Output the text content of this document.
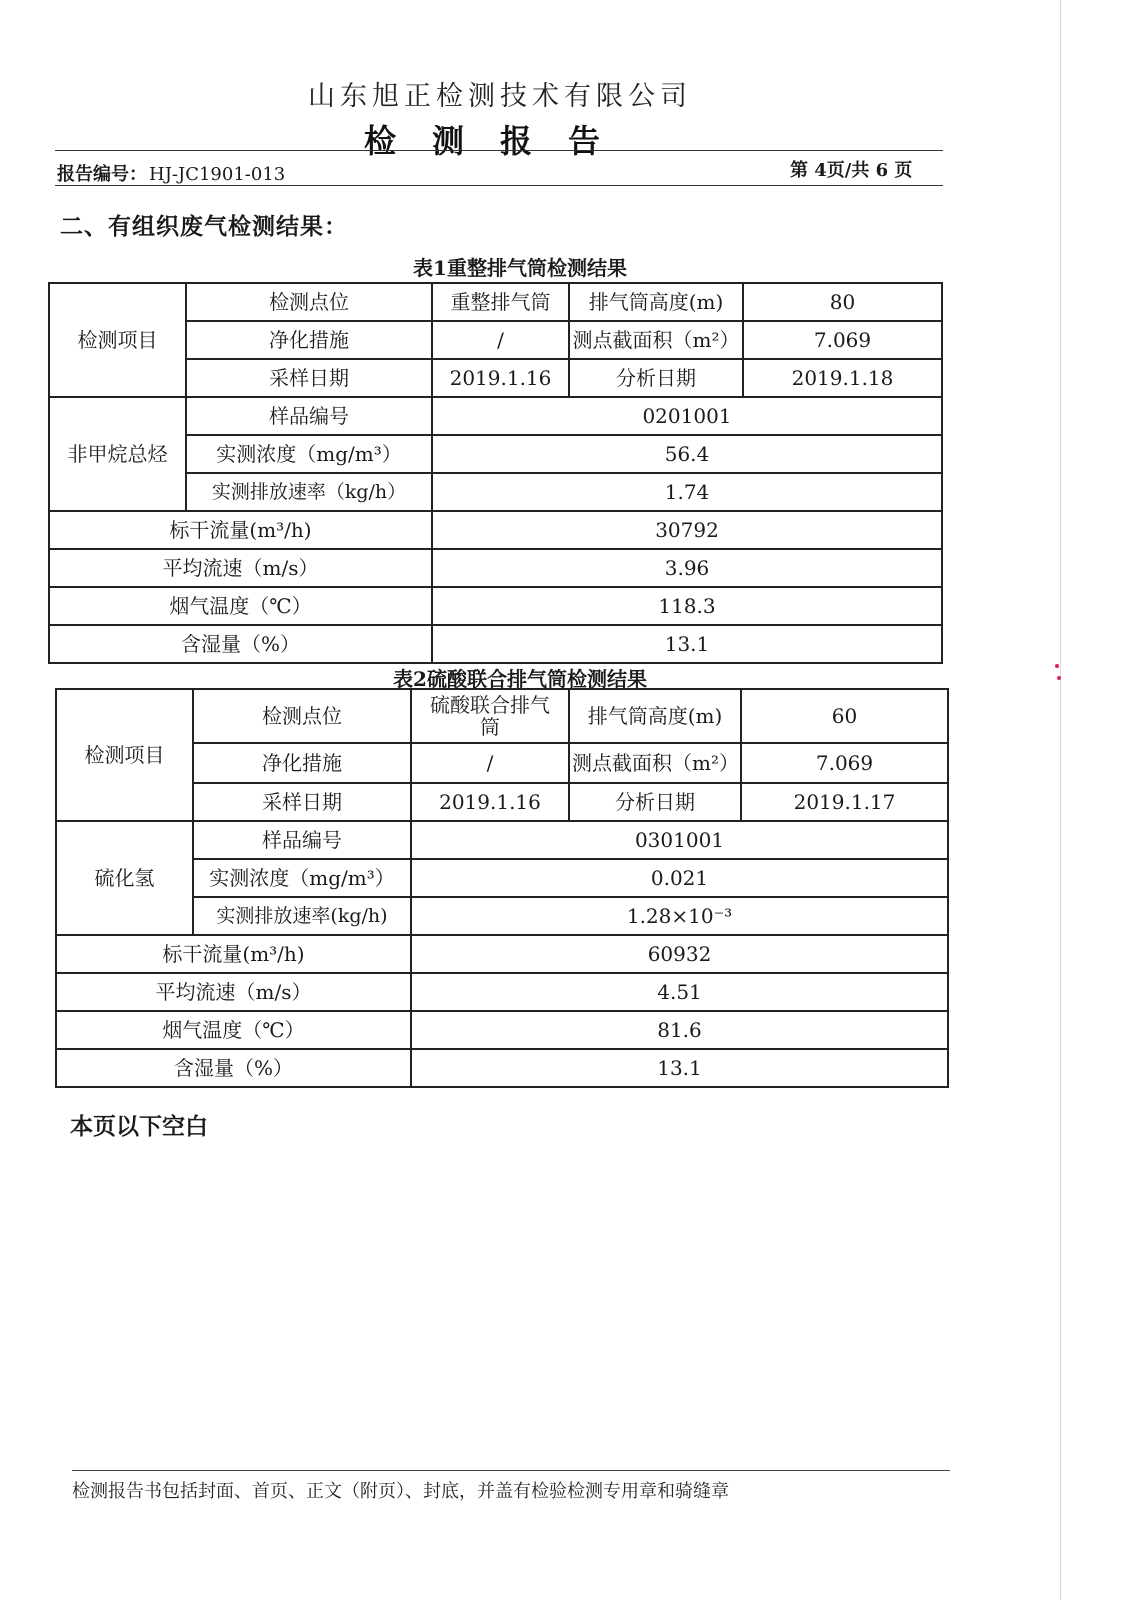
山东旭正检测技术有限公司
检测报告
报告编号： HJ-JC1901-013	第 4页/共 6 页
二、有组织废气检测结果：
表1重整排气筒检测结果
检测项目	检测点位	重整排气筒	排气筒高度(m)	80
	净化措施	/	测点截面积（m²）	7.069
	采样日期	2019.1.16	分析日期	2019.1.18
非甲烷总烃	样品编号	0201001		
	实测浓度（mg/m³）	56.4		
	实测排放速率（kg/h）	1.74		
标干流量(m³/h)		30792		
平均流速（m/s）		3.96		
烟气温度（℃）		118.3		
含湿量（%）		13.1		
表2硫酸联合排气筒检测结果
检测项目	检测点位	硫酸联合排气筒	排气筒高度(m)	60
	净化措施	/	测点截面积（m²）	7.069
	采样日期	2019.1.16	分析日期	2019.1.17
硫化氢	样品编号	0301001		
	实测浓度（mg/m³）	0.021		
	实测排放速率(kg/h)	1.28×10⁻³		
标干流量(m³/h)		60932		
平均流速（m/s）		4.51		
烟气温度（℃）		81.6		
含湿量（%）		13.1		
本页以下空白
检测报告书包括封面、首页、正文（附页）、封底，并盖有检验检测专用章和骑缝章
